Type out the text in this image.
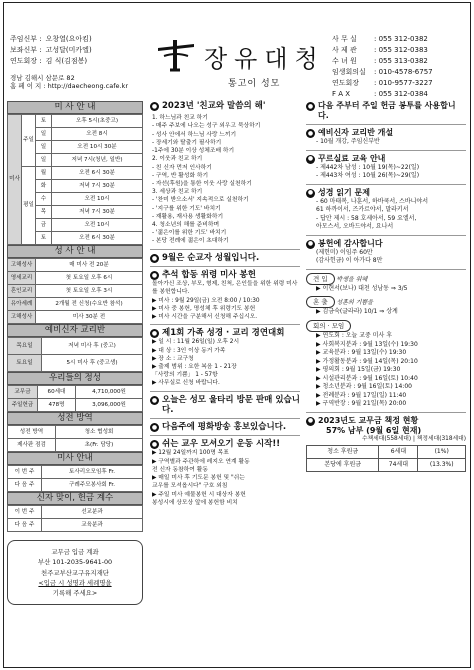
주임신부 : 오창열(요아킴)
보좌신부 : 고성달(미카엘)
연도회장 : 김 식(김점봉)
경남 김해시 삼문로 82
홈 페 이 지 : http://daecheong.cafe.kr
장유대청
통고이 성모
사 무 실	: 055 312-0382
사 제 관	: 055 312-0383
수 녀 원	: 055 313-0382
임생회의실	: 010-4578-6757
연도회장	: 010-9577-3227
F A X	: 055 312-0384
미 사 안 내
미사	주일	토	오후 5시(초중고)
		일	오전 8시
		일	오전 10시 30분
		일	저녁 7시(청년, 일반)
	평일	월	오전 6시 30분
		화	저녁 7시 30분
		수	오전 10시
		목	저녁 7시 30분
		금	오전 10시
		토	오전 6시 30분
성 사 안 내
고해성사	매 미사 전 20분
영세교리	첫 토요일 오후 6시
혼인교리	첫 토요일 오후 3시
유아세례	2개월 전 신청(수요반 참석)
고해성사	미사 30분 전
예비신자 교리반
목요일	저녁 미사 후 (중고)
토요일	5시 미사 후 (중고생)
우리들의 정성
교무금	60세대	4,710,000원
주일헌금	478명	3,096,000원
성전 방역
성전 방역	청소 협성회
제사판 점검	초(Fr. 담당)
미사 안내
이 번 주	토사리오모임후 Fr.
다 음 주	구례주모봉사회 Fr.
신자 맞이, 헌금 계수
이 번 주	선교분과
다 음 주	교육분과
교무금 입금 계좌
부산 101-2035-9641-00
천주교부산교구유지재단
<입금 시 성명과 세례명을
기록해 주세요>
● 2023년 '친교와 말씀의 해'
1. 하느님과 친교 하기
- 매주 주보에 나오는 성구 외우고 묵상하기
- 성사 안에서 하느님 사랑 느끼기
- 장세기와 탈출기 필사하기
-1주에 30분 이상 성체조배 하기
2. 이웃과 친교 하기
- 친 신자 먼저 인사하기
- 구역, 반 활성화 하기
- 자선(후원)을 통한 이웃 사랑 실천하기
3. 세상과 친교 하기
- '찬미 받으소서' 지속적으로 실천하기
- '지구를 위한 기도' 바치기
- 재활용, 재사용 생활화하기
4. 청소년의 해를 준비하며
- '젊은이를 위한 기도' 바치기
- 본당 전례에 젊은이 초대하기
● 9월은 순교자 성월입니다.
● 추석 합동 위령 미사 봉헌
돌아가신 조상, 부모, 형제, 친척, 은인들을 위한 위령 미사를 봉헌합니다.
▶ 미사 : 9월 29일(금) 오전 8:00 / 10:30
▶ 미사 중 봉헌, 명성체 후 위령기도 봉헌
▶ 미사 시간을 구분해서 신청해 주십시오.
● 제1회 가족 성경 · 교리 경연대회
▶ 일 시 : 11월 26일(일) 오후 2시
▶ 대 상 : 3인 이상 동거 가족
▶ 장 소 : 교구청
▶ 출제 범위 : 요한 복음 1 - 21장
「사랑의 기쁨」 1 - 57항
▶ 사무실로 신청 바랍니다.
● 오늘은 성모 울타리 방문 판매 있습니다.
● 다음주에 평화방송 홍보있습니다.
● 쉬는 교우 모셔오기 운동 시작!!
▶ 12월 24일까지 100명 목표
▶ 구역별과 주관하에 레지오 연계 활동
전 신자 동참하여 활동
▶ 매일 미사 후 기도문 봉헌 및 "쉬는
교우를 모셔옵시다" 구호 외침
▶ 주일 미사 예물봉헌 시 대상자 봉헌
봉성시에 상모상 앞에 봉헌함 비치
● 다음 주부터 주일 헌금 봉투를 사용합니다.
● 예비신자 교리반 개설
- 10월 개강, 주임신부반
● 꾸르실료 교육 안내
- 제442차 남성 : 10월 19(목)~22(일)
- 제443차 여성 : 10월 26(목)~29(일)
● 성경 읽기 문제
- 60 마태복, 나훈서, 하바쿡서, 스바니야서
61 하까이서, 즈카르야서, 말라키서
- 답안 제시 : 58 호세아서, 59 요엘서,
아모스서, 오바드야서, 요나서
● 봉헌에 감사합니다
(제헌미) 이임주 60만
(감사헌금) 이 아가다 8만
견 입 박생을 위해
▶ 이현서(보나) 대천 성남동 ⇒ 3/5
혼 출 성혼의 기쁨을
▶ 김금숙(글라라) 10/1 ⇒ 상계
회의 · 모임
▶ 연도회 : 오늘 교중 미사 후
▶ 사회복지분과 : 9월 13일(수) 19:30
▶ 교육분과 : 9월 13일(수) 19:30
▶ 가정활동분과 : 9월 14일(목) 20:10
▶ 평의회 : 9월 15일(금) 19:30
▶ 시설관리분과 : 9월 16일(토) 10:40
▶ 청소년분과 : 9월 16일(토) 14:00
▶ 전례분과 : 9월 17일(일) 11:40
▶ 구역반장 : 9월 21일(목) 20:00
● 2023년도 교무금 책정 현황
57% 남부 (9월 6일 현재)
수책세대(558세대) | 책정세대(318세대)
청소 후원금	6세대	(1%)
본당에 후원금	74세대	(13.3%)
